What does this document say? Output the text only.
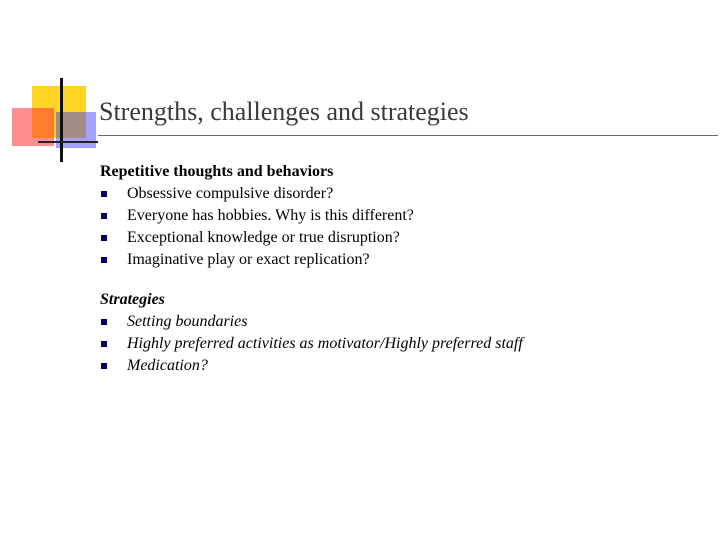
Strengths, challenges and strategies
Repetitive thoughts and behaviors
Obsessive compulsive disorder?
Everyone has hobbies. Why is this different?
Exceptional knowledge or true disruption?
Imaginative play or exact replication?
Strategies
Setting boundaries
Highly preferred activities as motivator/Highly preferred staff
Medication?
